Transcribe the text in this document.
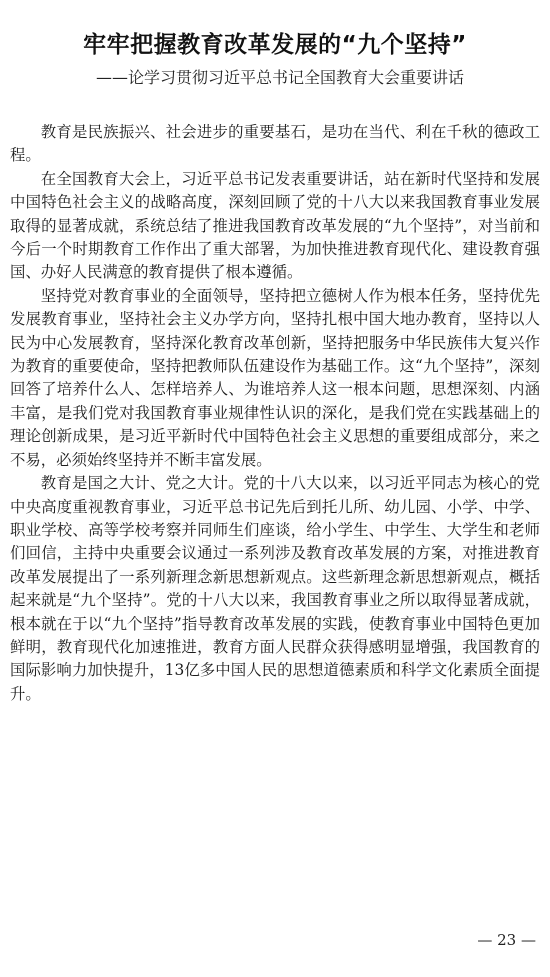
牢牢把握教育改革发展的“九个坚持”
——论学习贯彻习近平总书记全国教育大会重要讲话

教育是民族振兴、社会进步的重要基石，是功在当代、利在千秋的德政工程。

在全国教育大会上，习近平总书记发表重要讲话，站在新时代坚持和发展中国特色社会主义的战略高度，深刻回顾了党的十八大以来我国教育事业发展取得的显著成就，系统总结了推进我国教育改革发展的“九个坚持”，对当前和今后一个时期教育工作作出了重大部署，为加快推进教育现代化、建设教育强国、办好人民满意的教育提供了根本遵循。

坚持党对教育事业的全面领导，坚持把立德树人作为根本任务，坚持优先发展教育事业，坚持社会主义办学方向，坚持扎根中国大地办教育，坚持以人民为中心发展教育，坚持深化教育改革创新，坚持把服务中华民族伟大复兴作为教育的重要使命，坚持把教师队伍建设作为基础工作。这“九个坚持”，深刻回答了培养什么人、怎样培养人、为谁培养人这一根本问题，思想深刻、内涵丰富，是我们党对我国教育事业规律性认识的深化，是我们党在实践基础上的理论创新成果，是习近平新时代中国特色社会主义思想的重要组成部分，来之不易，必须始终坚持并不断丰富发展。

教育是国之大计、党之大计。党的十八大以来，以习近平同志为核心的党中央高度重视教育事业，习近平总书记先后到托儿所、幼儿园、小学、中学、职业学校、高等学校考察并同师生们座谈，给小学生、中学生、大学生和老师们回信，主持中央重要会议通过一系列涉及教育改革发展的方案，对推进教育改革发展提出了一系列新理念新思想新观点。这些新理念新思想新观点，概括起来就是“九个坚持”。党的十八大以来，我国教育事业之所以取得显著成就，根本就在于以“九个坚持”指导教育改革发展的实践，使教育事业中国特色更加鲜明，教育现代化加速推进，教育方面人民群众获得感明显增强，我国教育的国际影响力加快提升，13亿多中国人民的思想道德素质和科学文化素质全面提升。

— 23 —
